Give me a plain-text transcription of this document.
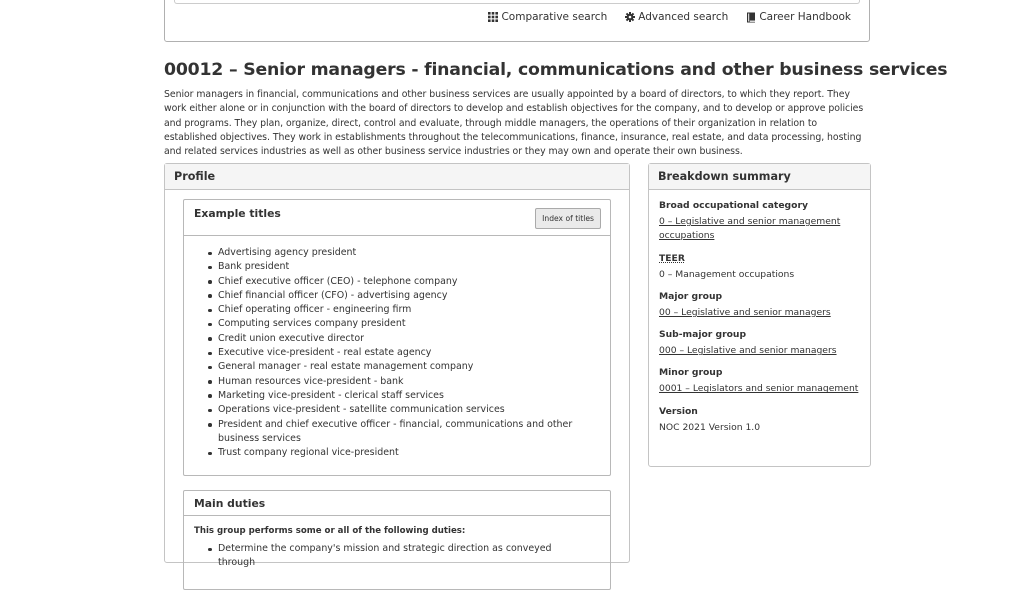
Comparative search	Advanced search	Career Handbook
00012 – Senior managers - financial, communications and other business services

Senior managers in financial, communications and other business services are usually appointed by a board of directors, to which they report. They work either alone or in conjunction with the board of directors to develop and establish objectives for the company, and to develop or approve policies and programs. They plan, organize, direct, control and evaluate, through middle managers, the operations of their organization in relation to established objectives. They work in establishments throughout the telecommunications, finance, insurance, real estate, and data processing, hosting and related services industries as well as other business service industries or they may own and operate their own business.

Profile
Example titles	Index of titles
Advertising agency president
Bank president
Chief executive officer (CEO) - telephone company
Chief financial officer (CFO) - advertising agency
Chief operating officer - engineering firm
Computing services company president
Credit union executive director
Executive vice-president - real estate agency
General manager - real estate management company
Human resources vice-president - bank
Marketing vice-president - clerical staff services
Operations vice-president - satellite communication services
President and chief executive officer - financial, communications and other business services
Trust company regional vice-president
Main duties
This group performs some or all of the following duties:
Determine the company's mission and strategic direction as conveyed through
Breakdown summary
Broad occupational category
0 – Legislative and senior management occupations
TEER
0 – Management occupations
Major group
00 – Legislative and senior managers
Sub-major group
000 – Legislative and senior managers
Minor group
0001 – Legislators and senior management
Version
NOC 2021 Version 1.0
